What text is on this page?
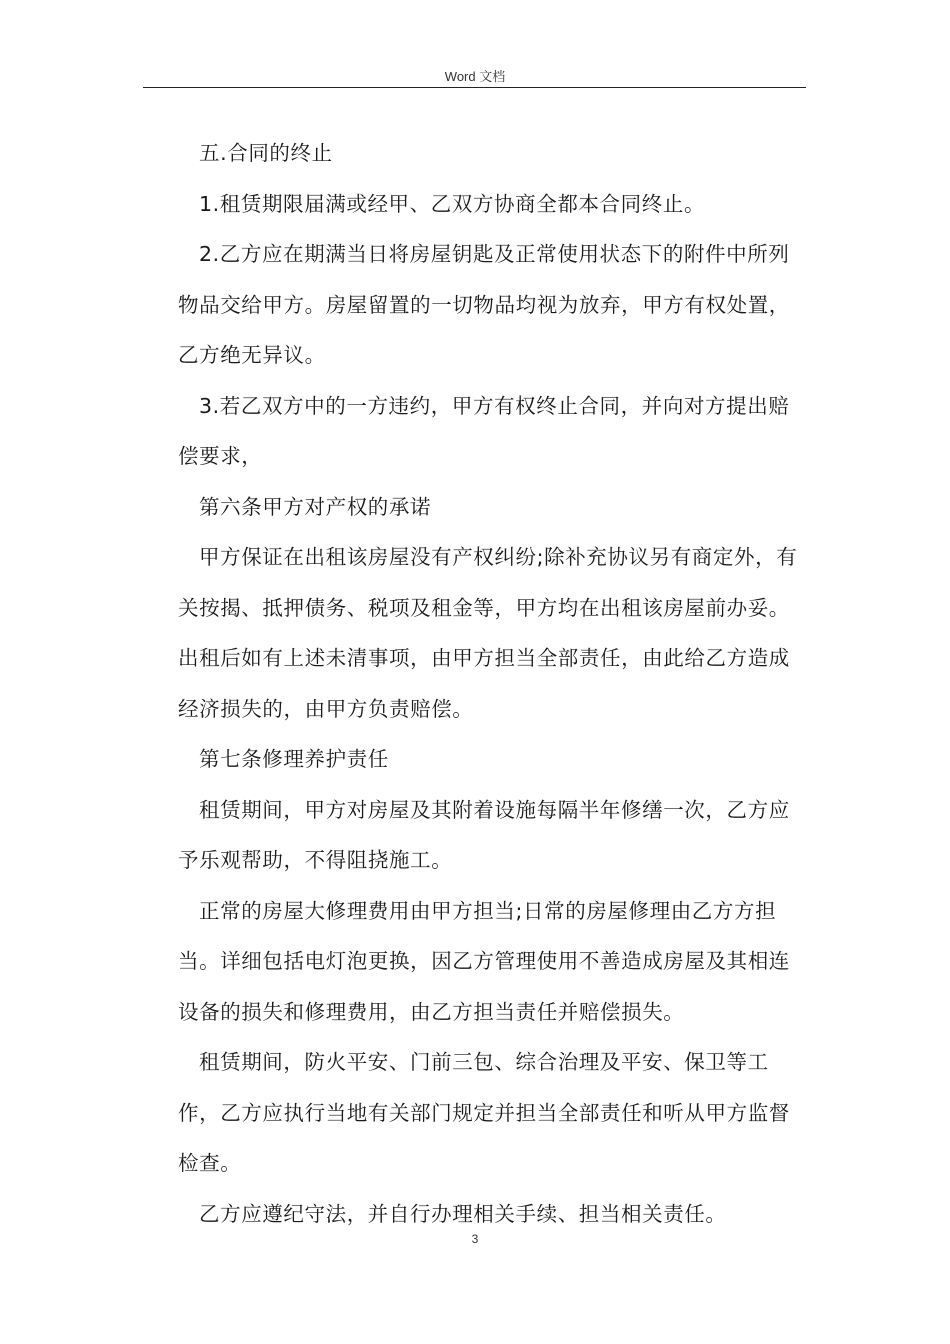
Word 文档

五.合同的终止

1.租赁期限届满或经甲、乙双方协商全都本合同终止。

2.乙方应在期满当日将房屋钥匙及正常使用状态下的附件中所列物品交给甲方。房屋留置的一切物品均视为放弃，甲方有权处置，乙方绝无异议。

3.若乙双方中的一方违约，甲方有权终止合同，并向对方提出赔偿要求，

第六条甲方对产权的承诺

甲方保证在出租该房屋没有产权纠纷;除补充协议另有商定外，有关按揭、抵押债务、税项及租金等，甲方均在出租该房屋前办妥。出租后如有上述未清事项，由甲方担当全部责任，由此给乙方造成经济损失的，由甲方负责赔偿。

第七条修理养护责任

租赁期间，甲方对房屋及其附着设施每隔半年修缮一次，乙方应予乐观帮助，不得阻挠施工。

正常的房屋大修理费用由甲方担当;日常的房屋修理由乙方方担当。详细包括电灯泡更换，因乙方管理使用不善造成房屋及其相连设备的损失和修理费用，由乙方担当责任并赔偿损失。

租赁期间，防火平安、门前三包、综合治理及平安、保卫等工作，乙方应执行当地有关部门规定并担当全部责任和听从甲方监督检查。

乙方应遵纪守法，并自行办理相关手续、担当相关责任。

3
